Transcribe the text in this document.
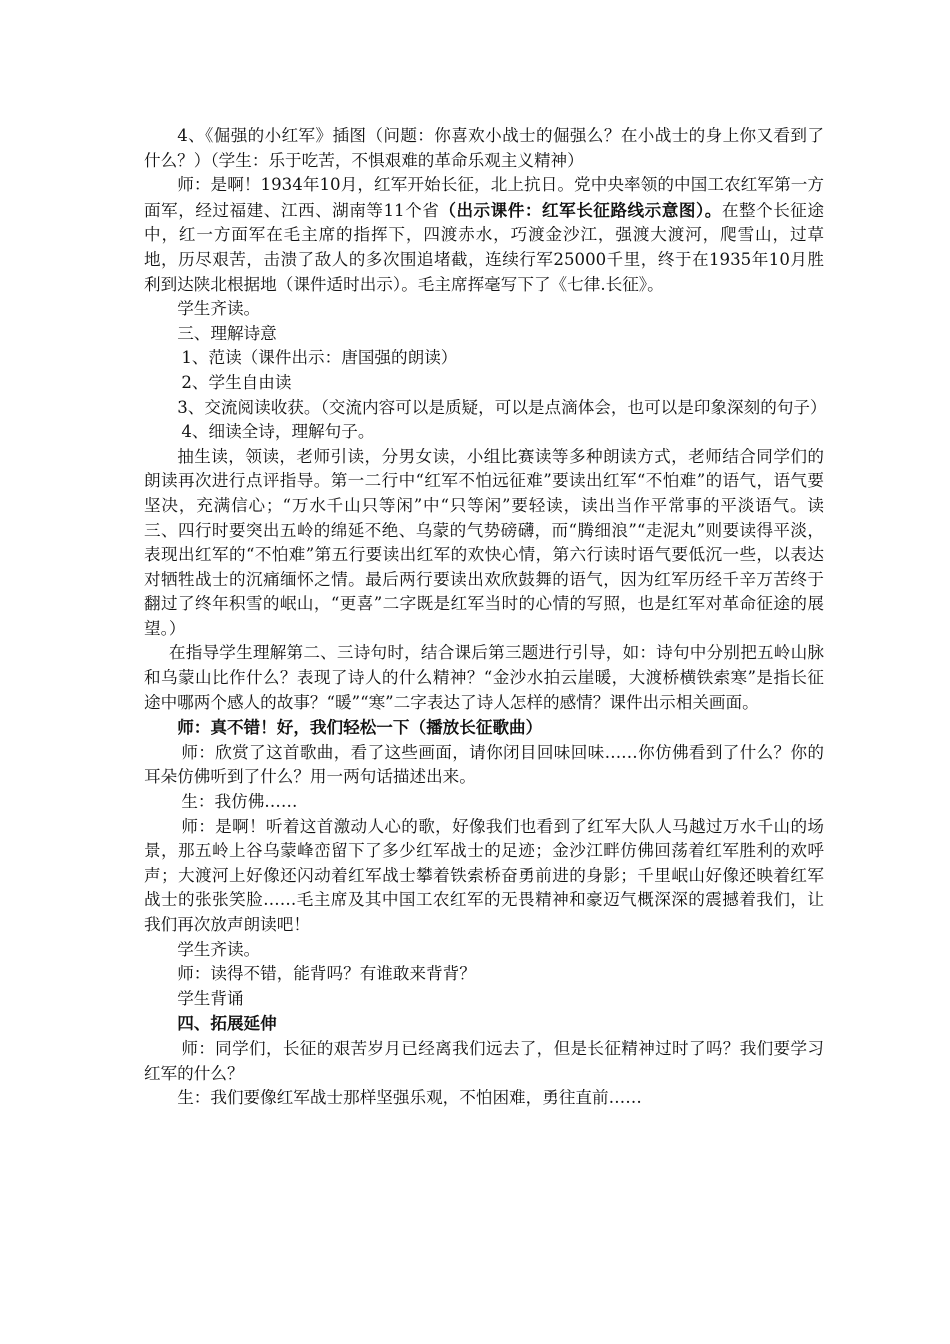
4、《倔强的小红军》插图（问题：你喜欢小战士的倔强么？在小战士的身上你又看到了什么？）（学生：乐于吃苦，不惧艰难的革命乐观主义精神）

师：是啊！1934年10月，红军开始长征，北上抗日。党中央率领的中国工农红军第一方面军，经过福建、江西、湖南等11个省（出示课件：红军长征路线示意图）。在整个长征途中，红一方面军在毛主席的指挥下，四渡赤水，巧渡金沙江，强渡大渡河，爬雪山，过草地，历尽艰苦，击溃了敌人的多次围追堵截，连续行军25000千里，终于在1935年10月胜利到达陕北根据地（课件适时出示）。毛主席挥毫写下了《七律.长征》。

学生齐读。

三、理解诗意

1、范读（课件出示：唐国强的朗读）

2、学生自由读

3、交流阅读收获。（交流内容可以是质疑，可以是点滴体会，也可以是印象深刻的句子）

4、细读全诗，理解句子。

抽生读，领读，老师引读，分男女读，小组比赛读等多种朗读方式，老师结合同学们的朗读再次进行点评指导。第一二行中“红军不怕远征难”要读出红军“不怕难”的语气，语气要坚决，充满信心；“万水千山只等闲”中“只等闲”要轻读，读出当作平常事的平淡语气。读三、四行时要突出五岭的绵延不绝、乌蒙的气势磅礴，而“腾细浪”“走泥丸”则要读得平淡，表现出红军的“不怕难”第五行要读出红军的欢快心情，第六行读时语气要低沉一些，以表达对牺牲战士的沉痛缅怀之情。最后两行要读出欢欣鼓舞的语气，因为红军历经千辛万苦终于翻过了终年积雪的岷山，“更喜”二字既是红军当时的心情的写照，也是红军对革命征途的展望。）

在指导学生理解第二、三诗句时，结合课后第三题进行引导，如：诗句中分别把五岭山脉和乌蒙山比作什么？表现了诗人的什么精神？“金沙水拍云崖暖，大渡桥横铁索寒”是指长征途中哪两个感人的故事？“暖”“寒”二字表达了诗人怎样的感情？课件出示相关画面。

师：真不错！好，我们轻松一下（播放长征歌曲）

师：欣赏了这首歌曲，看了这些画面，请你闭目回味回味……你仿佛看到了什么？你的耳朵仿佛听到了什么？用一两句话描述出来。

生：我仿佛……

师：是啊！听着这首激动人心的歌，好像我们也看到了红军大队人马越过万水千山的场景，那五岭上谷乌蒙峰峦留下了多少红军战士的足迹；金沙江畔仿佛回荡着红军胜利的欢呼声；大渡河上好像还闪动着红军战士攀着铁索桥奋勇前进的身影；千里岷山好像还映着红军战士的张张笑脸……毛主席及其中国工农红军的无畏精神和豪迈气概深深的震撼着我们，让我们再次放声朗读吧！

学生齐读。

师：读得不错，能背吗？有谁敢来背背？

学生背诵

四、拓展延伸

师：同学们，长征的艰苦岁月已经离我们远去了，但是长征精神过时了吗？我们要学习红军的什么？

生：我们要像红军战士那样坚强乐观，不怕困难，勇往直前……
